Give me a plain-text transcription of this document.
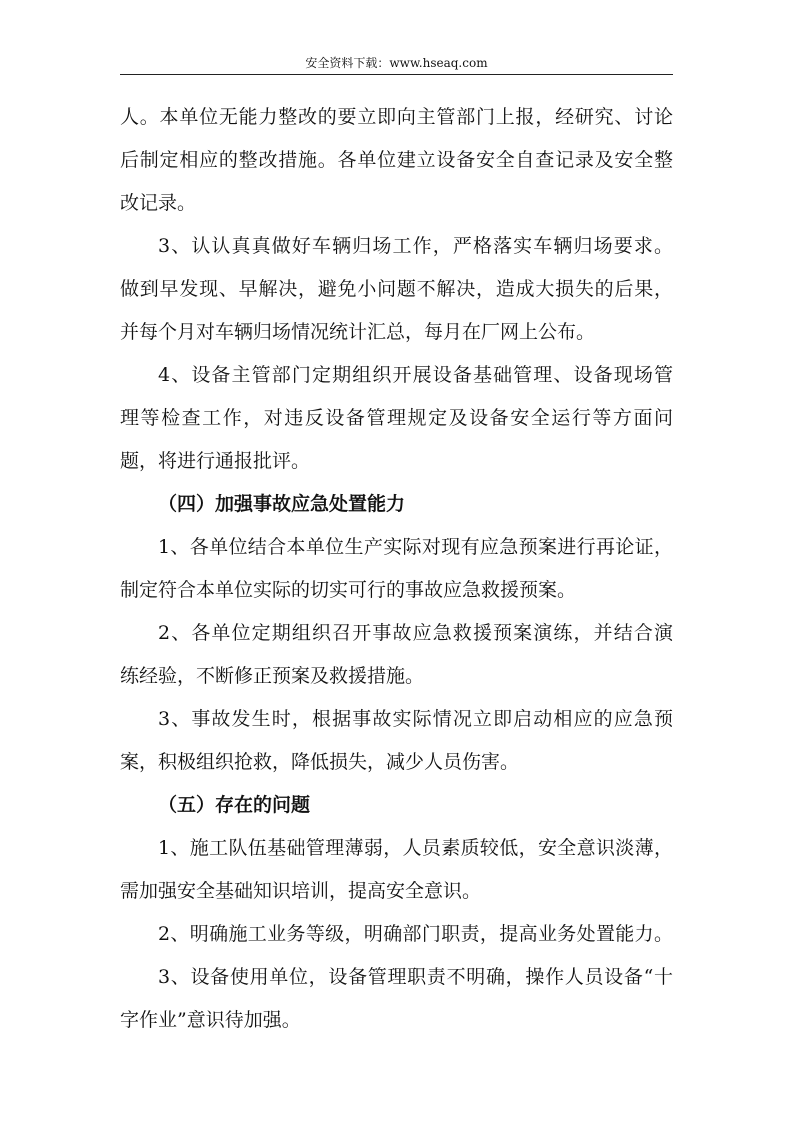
安全资料下载：www.hseaq.com
人。本单位无能力整改的要立即向主管部门上报，经研究、讨论
后制定相应的整改措施。各单位建立设备安全自查记录及安全整
改记录。
3、认认真真做好车辆归场工作，严格落实车辆归场要求。
做到早发现、早解决，避免小问题不解决，造成大损失的后果，
并每个月对车辆归场情况统计汇总，每月在厂网上公布。
4、设备主管部门定期组织开展设备基础管理、设备现场管
理等检查工作，对违反设备管理规定及设备安全运行等方面问
题，将进行通报批评。
（四）加强事故应急处置能力
1、各单位结合本单位生产实际对现有应急预案进行再论证，
制定符合本单位实际的切实可行的事故应急救援预案。
2、各单位定期组织召开事故应急救援预案演练，并结合演
练经验，不断修正预案及救援措施。
3、事故发生时，根据事故实际情况立即启动相应的应急预
案，积极组织抢救，降低损失，减少人员伤害。
（五）存在的问题
1、施工队伍基础管理薄弱，人员素质较低，安全意识淡薄，
需加强安全基础知识培训，提高安全意识。
2、明确施工业务等级，明确部门职责，提高业务处置能力。
3、设备使用单位，设备管理职责不明确，操作人员设备“十
字作业”意识待加强。
